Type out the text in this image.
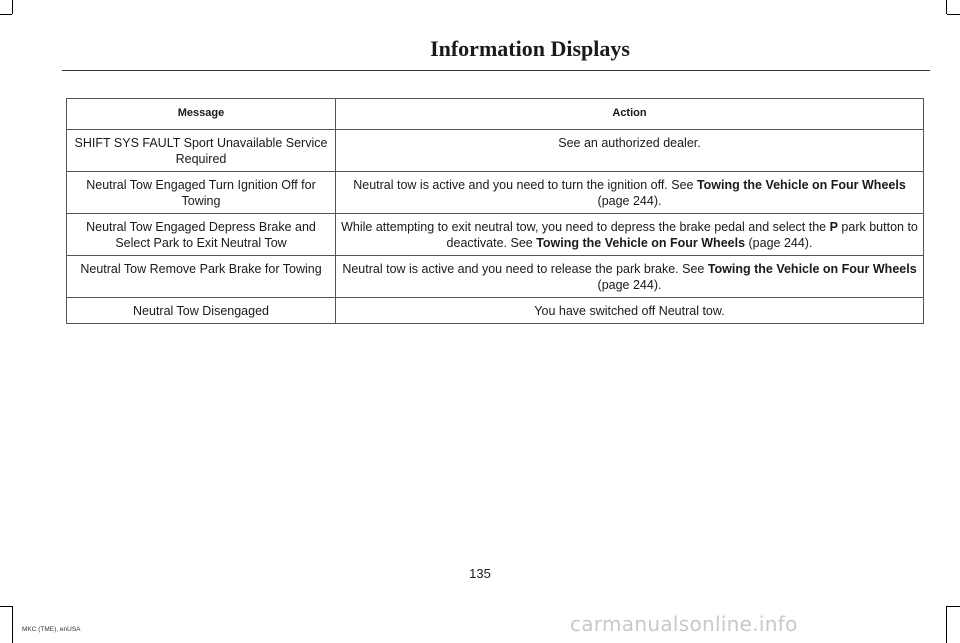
Information Displays
Message	Action
SHIFT SYS FAULT Sport Unavailable Service Required	See an authorized dealer.
Neutral Tow Engaged Turn Ignition Off for Towing	Neutral tow is active and you need to turn the ignition off. See Towing the Vehicle on Four Wheels (page 244).
Neutral Tow Engaged Depress Brake and Select Park to Exit Neutral Tow	While attempting to exit neutral tow, you need to depress the brake pedal and select the P park button to deactivate. See Towing the Vehicle on Four Wheels (page 244).
Neutral Tow Remove Park Brake for Towing	Neutral tow is active and you need to release the park brake. See Towing the Vehicle on Four Wheels (page 244).
Neutral Tow Disengaged	You have switched off Neutral tow.
135
MKC (TME), enUSA	carmanualsonline.info
